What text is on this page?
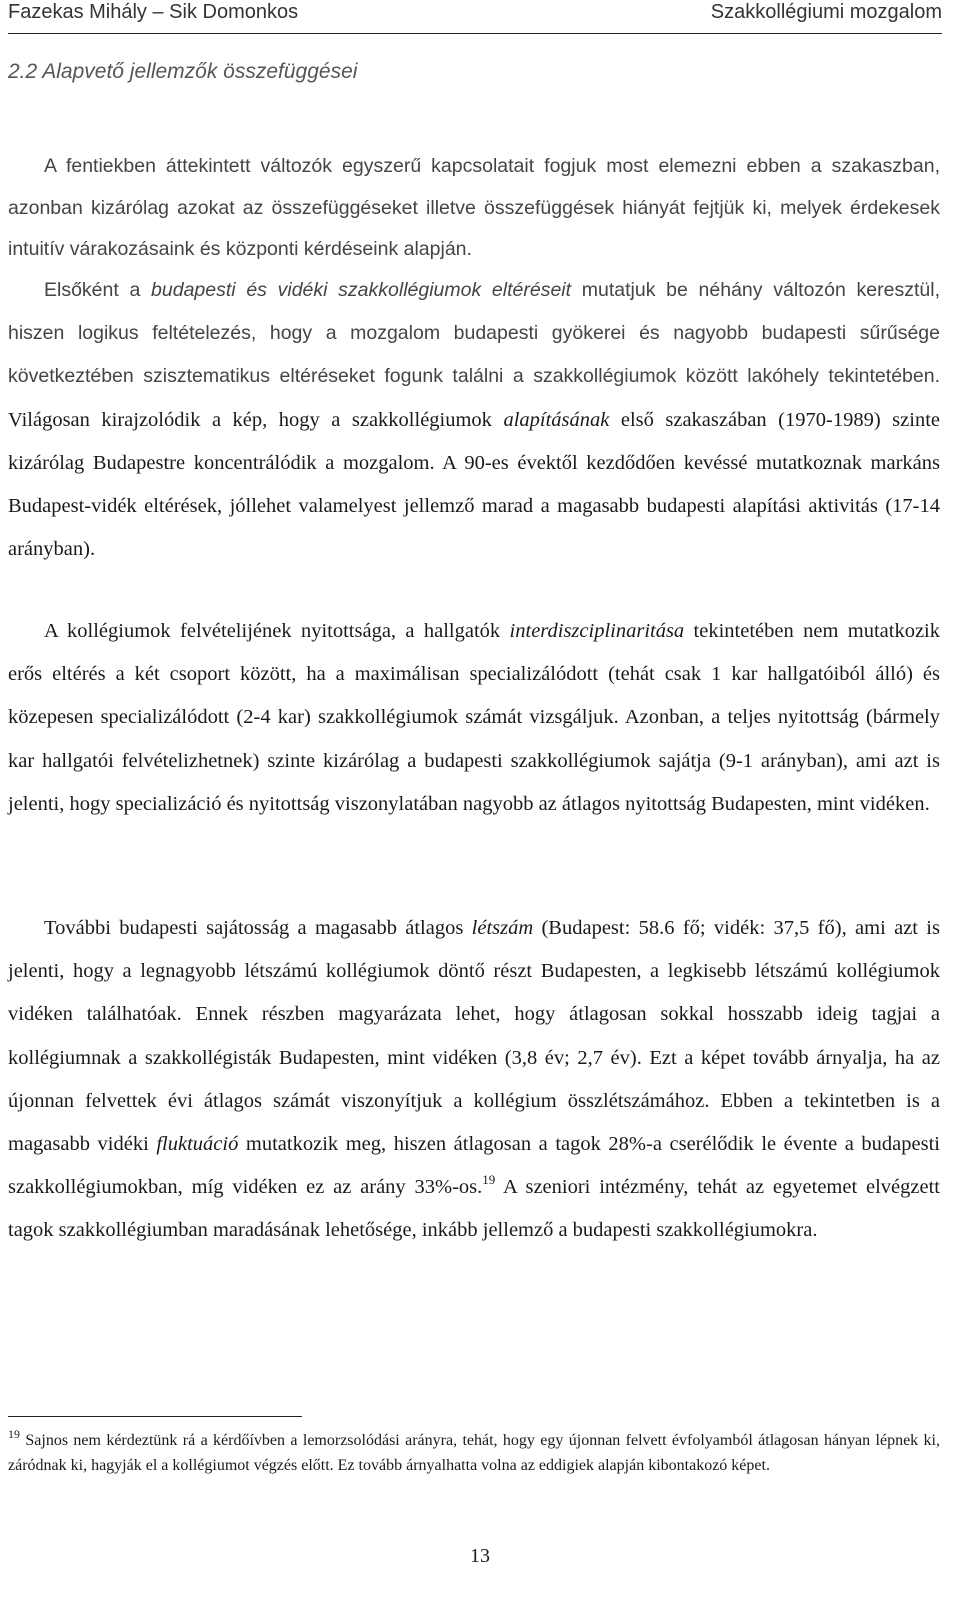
Fazekas Mihály – Sik Domonkos	Szakkollégiumi mozgalom
2.2 Alapvető jellemzők összefüggései

A fentiekben áttekintett változók egyszerű kapcsolatait fogjuk most elemezni ebben a szakaszban, azonban kizárólag azokat az összefüggéseket illetve összefüggések hiányát fejtjük ki, melyek érdekesek intuitív várakozásaink és központi kérdéseink alapján.

Elsőként a budapesti és vidéki szakkollégiumok eltéréseit mutatjuk be néhány változón keresztül, hiszen logikus feltételezés, hogy a mozgalom budapesti gyökerei és nagyobb budapesti sűrűsége következtében szisztematikus eltéréseket fogunk találni a szakkollégiumok között lakóhely tekintetében. Világosan kirajzolódik a kép, hogy a szakkollégiumok alapításának első szakaszában (1970-1989) szinte kizárólag Budapestre koncentrálódik a mozgalom. A 90-es évektől kezdődően kevéssé mutatkoznak markáns Budapest-vidék eltérések, jóllehet valamelyest jellemző marad a magasabb budapesti alapítási aktivitás (17-14 arányban).

A kollégiumok felvételijének nyitottsága, a hallgatók interdiszciplinaritása tekintetében nem mutatkozik erős eltérés a két csoport között, ha a maximálisan specializálódott (tehát csak 1 kar hallgatóiból álló) és közepesen specializálódott (2-4 kar) szakkollégiumok számát vizsgáljuk. Azonban, a teljes nyitottság (bármely kar hallgatói felvételizhetnek) szinte kizárólag a budapesti szakkollégiumok sajátja (9-1 arányban), ami azt is jelenti, hogy specializáció és nyitottság viszonylatában nagyobb az átlagos nyitottság Budapesten, mint vidéken.

További budapesti sajátosság a magasabb átlagos létszám (Budapest: 58.6 fő; vidék: 37,5 fő), ami azt is jelenti, hogy a legnagyobb létszámú kollégiumok döntő részt Budapesten, a legkisebb létszámú kollégiumok vidéken találhatóak. Ennek részben magyarázata lehet, hogy átlagosan sokkal hosszabb ideig tagjai a kollégiumnak a szakkollégisták Budapesten, mint vidéken (3,8 év; 2,7 év). Ezt a képet tovább árnyalja, ha az újonnan felvettek évi átlagos számát viszonyítjuk a kollégium összlétszámához. Ebben a tekintetben is a magasabb vidéki fluktuáció mutatkozik meg, hiszen átlagosan a tagok 28%-a cserélődik le évente a budapesti szakkollégiumokban, míg vidéken ez az arány 33%-os.$^{19}$ A szeniori intézmény, tehát az egyetemet elvégzett tagok szakkollégiumban maradásának lehetősége, inkább jellemző a budapesti szakkollégiumokra.

$^{19}$ Sajnos nem kérdeztünk rá a kérdőívben a lemorzsolódási arányra, tehát, hogy egy újonnan felvett évfolyamból átlagosan hányan lépnek ki, záródnak ki, hagyják el a kollégiumot végzés előtt. Ez tovább árnyalhatta volna az eddigiek alapján kibontakozó képet.

13
